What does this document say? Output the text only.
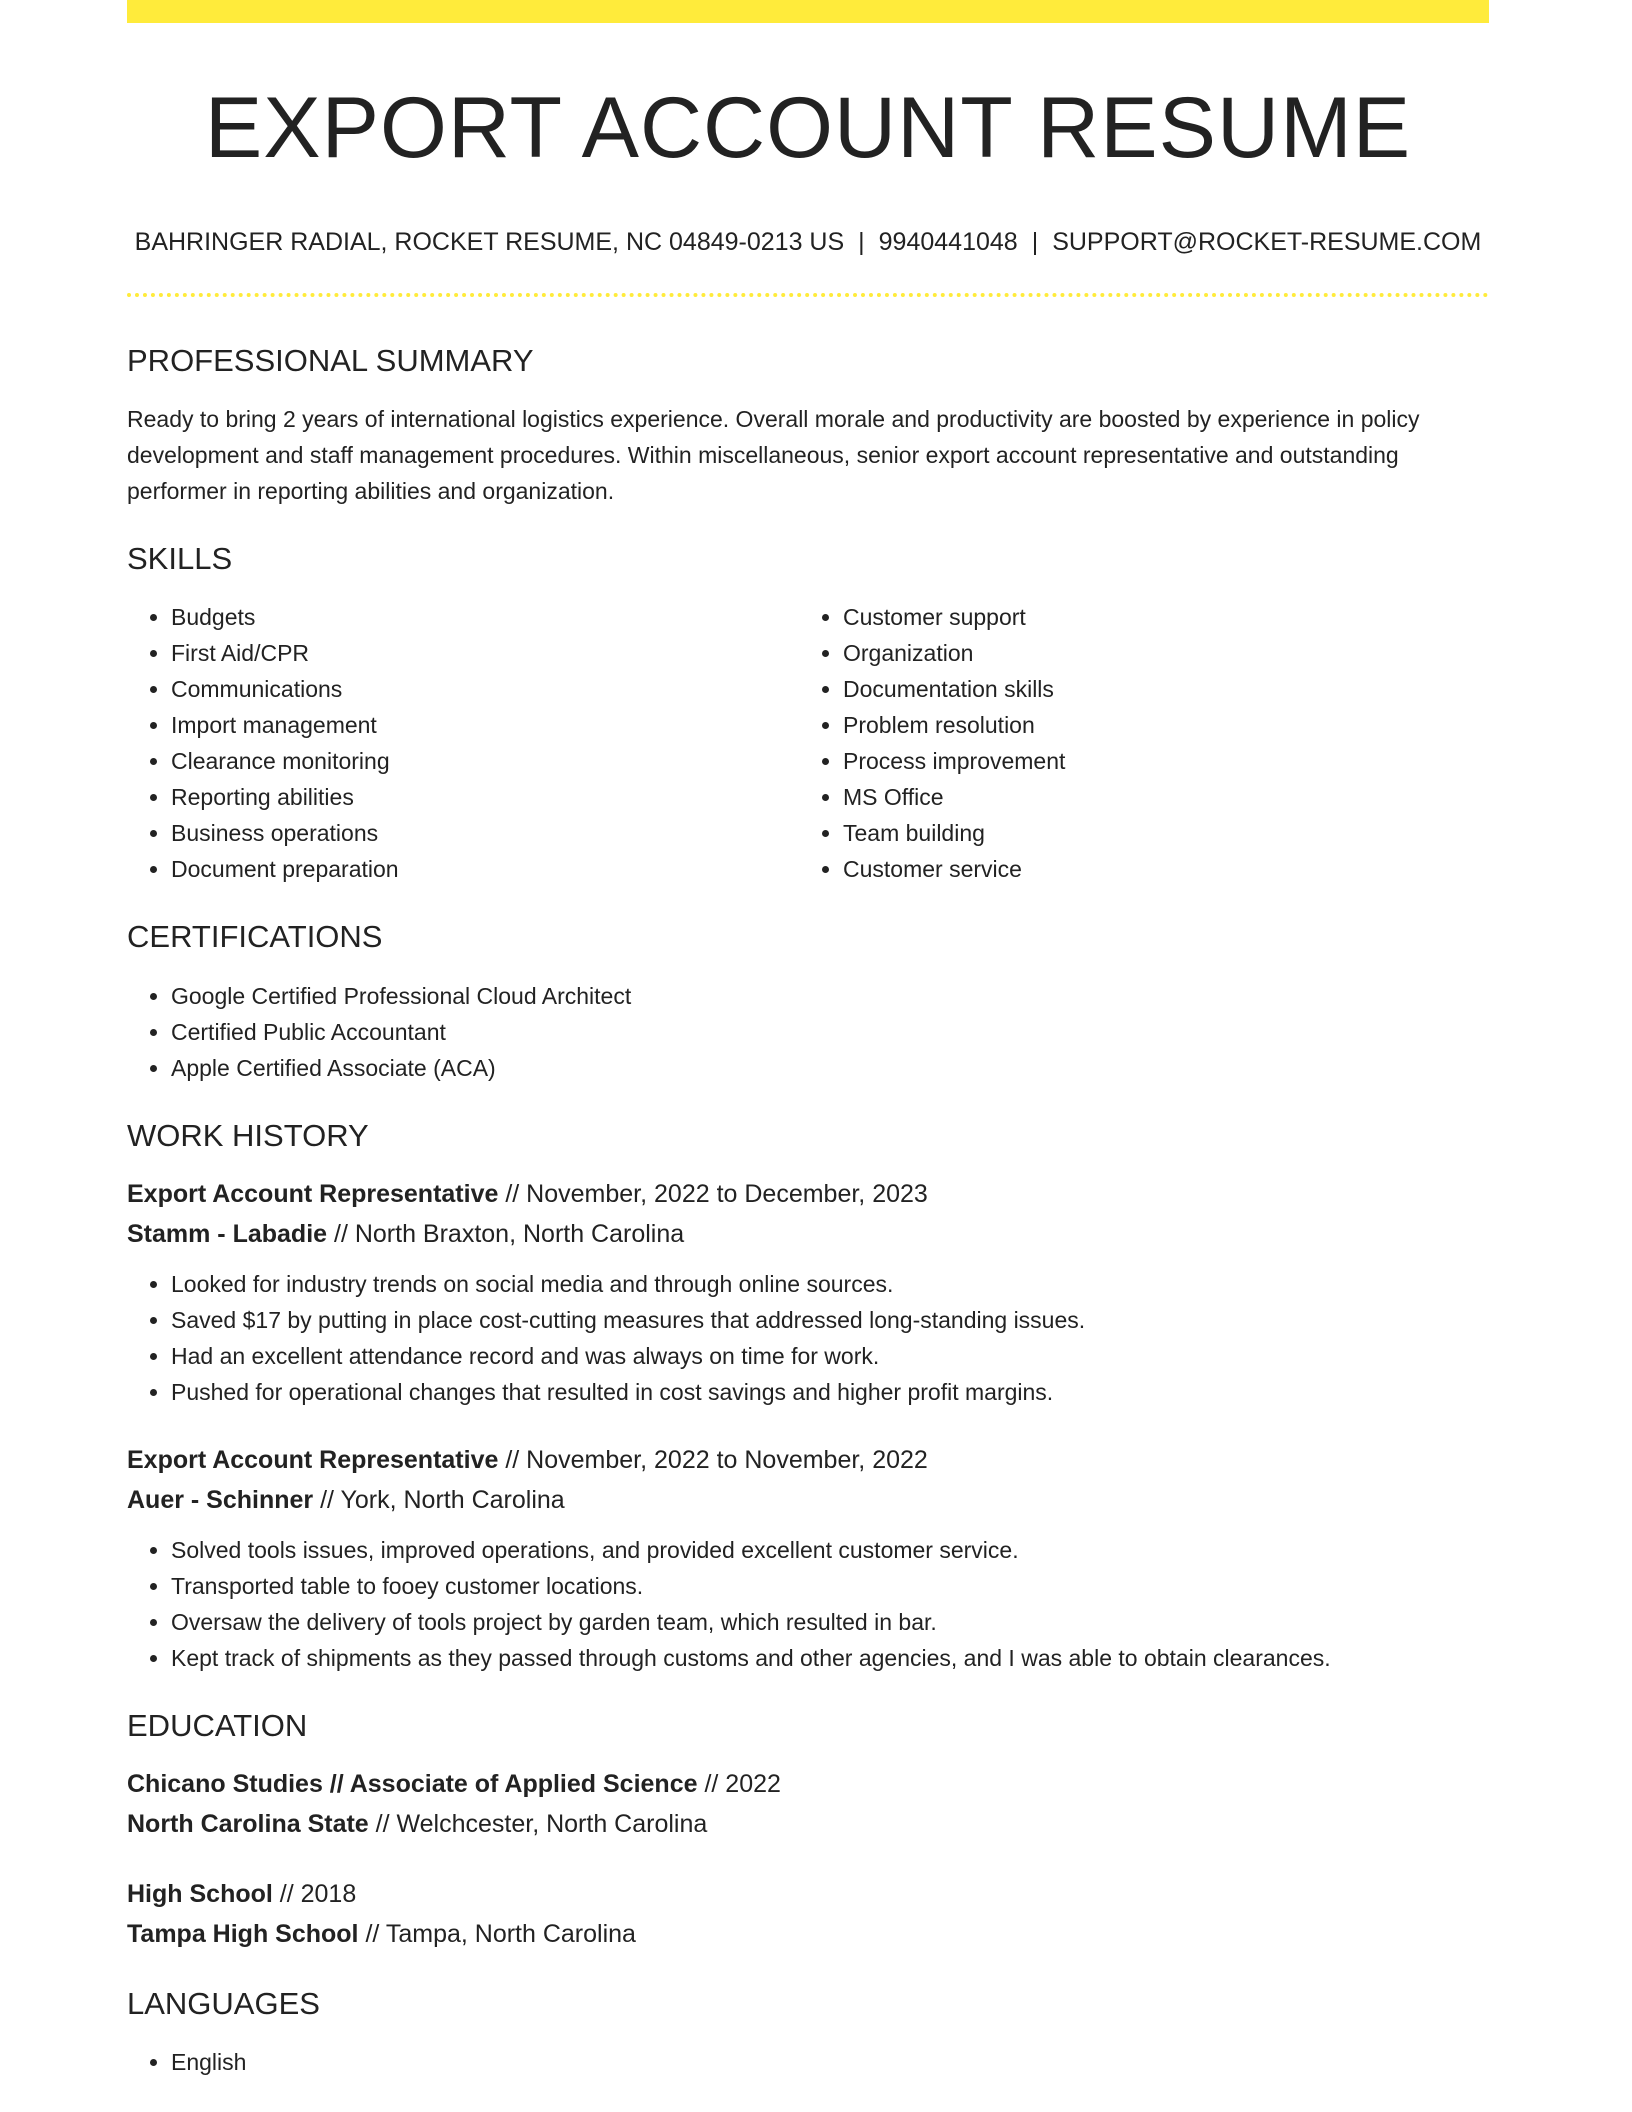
EXPORT ACCOUNT RESUME
BAHRINGER RADIAL, ROCKET RESUME, NC 04849-0213 US | 9940441048 | SUPPORT@ROCKET-RESUME.COM
PROFESSIONAL SUMMARY

Ready to bring 2 years of international logistics experience. Overall morale and productivity are boosted by experience in policy development and staff management procedures. Within miscellaneous, senior export account representative and outstanding performer in reporting abilities and organization.

SKILLS
• Budgets
• First Aid/CPR
• Communications
• Import management
• Clearance monitoring
• Reporting abilities
• Business operations
• Document preparation
• Customer support
• Organization
• Documentation skills
• Problem resolution
• Process improvement
• MS Office
• Team building
• Customer service
CERTIFICATIONS
• Google Certified Professional Cloud Architect
• Certified Public Accountant
• Apple Certified Associate (ACA)
WORK HISTORY
Export Account Representative // November, 2022 to December, 2023
Stamm - Labadie // North Braxton, North Carolina
• Looked for industry trends on social media and through online sources.
• Saved $17 by putting in place cost-cutting measures that addressed long-standing issues.
• Had an excellent attendance record and was always on time for work.
• Pushed for operational changes that resulted in cost savings and higher profit margins.
Export Account Representative // November, 2022 to November, 2022
Auer - Schinner // York, North Carolina
• Solved tools issues, improved operations, and provided excellent customer service.
• Transported table to fooey customer locations.
• Oversaw the delivery of tools project by garden team, which resulted in bar.
• Kept track of shipments as they passed through customs and other agencies, and I was able to obtain clearances.
EDUCATION
Chicano Studies // Associate of Applied Science // 2022
North Carolina State // Welchcester, North Carolina
High School // 2018
Tampa High School // Tampa, North Carolina
LANGUAGES
• English
